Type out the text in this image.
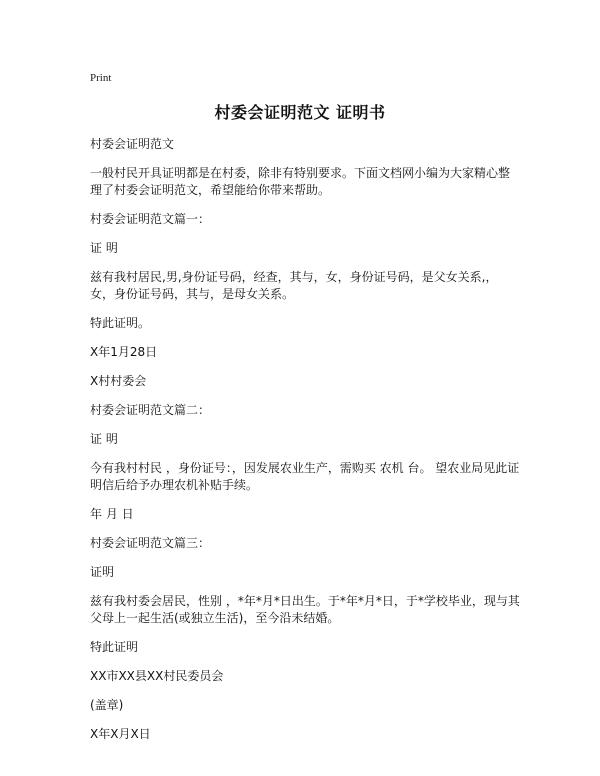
Print
村委会证明范文 证明书

村委会证明范文

一般村民开具证明都是在村委，除非有特别要求。下面文档网小编为大家精心整理了村委会证明范文，希望能给你带来帮助。

村委会证明范文篇一：

证 明

兹有我村居民,男,身份证号码，经查，其与，女，身份证号码，是父女关系,，女，身份证号码，其与，是母女关系。

特此证明。

X年1月28日

X村村委会

村委会证明范文篇二：

证 明

今有我村村民 ，身份证号：，因发展农业生产，需购买 农机 台。 望农业局见此证明信后给予办理农机补贴手续。

年 月 日

村委会证明范文篇三：

证明

兹有我村委会居民，性别 ，*年*月*日出生。于*年*月*日，于*学校毕业，现与其父母上一起生活(或独立生活)，至今沿未结婚。

特此证明

XX市XX县XX村民委员会

(盖章)

X年X月X日
